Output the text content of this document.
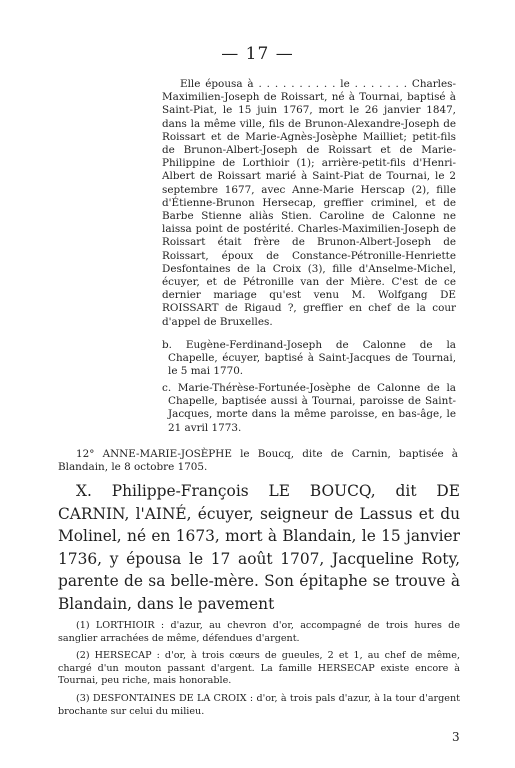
— 17 —
Elle épousa à . . . . . . . . . . le . . . . . . . Charles-Maximilien-Joseph de Roissart, né à Tournai, baptisé à Saint-Piat, le 15 juin 1767, mort le 26 janvier 1847, dans la même ville, fils de Brunon-Alexandre-Joseph de Roissart et de Marie-Agnès-Josèphe Mailliet; petit-fils de Brunon-Albert-Joseph de Roissart et de Marie-Philippine de Lorthioir (1); arrière-petit-fils d'Henri-Albert de Roissart marié à Saint-Piat de Tournai, le 2 septembre 1677, avec Anne-Marie Herscap (2), fille d'Étienne-Brunon Hersecap, greffier criminel, et de Barbe Stienne aliàs Stien. Caroline de Calonne ne laissa point de postérité. Charles-Maximilien-Joseph de Roissart était frère de Brunon-Albert-Joseph de Roissart, époux de Constance-Pétronille-Henriette Desfontaines de la Croix (3), fille d'Anselme-Michel, écuyer, et de Pétronille van der Mière. C'est de ce dernier mariage qu'est venu M. Wolfgang DE ROISSART de Rigaud ?, greffier en chef de la cour d'appel de Bruxelles.
b. Eugène-Ferdinand-Joseph de Calonne de la Chapelle, écuyer, baptisé à Saint-Jacques de Tournai, le 5 mai 1770.
c. Marie-Thérèse-Fortunée-Josèphe de Calonne de la Chapelle, baptisée aussi à Tournai, paroisse de Saint-Jacques, morte dans la même paroisse, en bas-âge, le 21 avril 1773.
12° ANNE-MARIE-JOSÈPHE le Boucq, dite de Carnin, baptisée à Blandain, le 8 octobre 1705.
X. Philippe-François LE BOUCQ, dit DE CARNIN, l'AINÉ, écuyer, seigneur de Lassus et du Molinel, né en 1673, mort à Blandain, le 15 janvier 1736, y épousa le 17 août 1707, Jacqueline Roty, parente de sa belle-mère. Son épitaphe se trouve à Blandain, dans le pavement
(1) LORTHIOIR : d'azur, au chevron d'or, accompagné de trois hures de sanglier arrachées de même, défendues d'argent.
(2) HERSECAP : d'or, à trois cœurs de gueules, 2 et 1, au chef de même, chargé d'un mouton passant d'argent. La famille HERSECAP existe encore à Tournai, peu riche, mais honorable.
(3) DESFONTAINES DE LA CROIX : d'or, à trois pals d'azur, à la tour d'argent brochante sur celui du milieu.
3
